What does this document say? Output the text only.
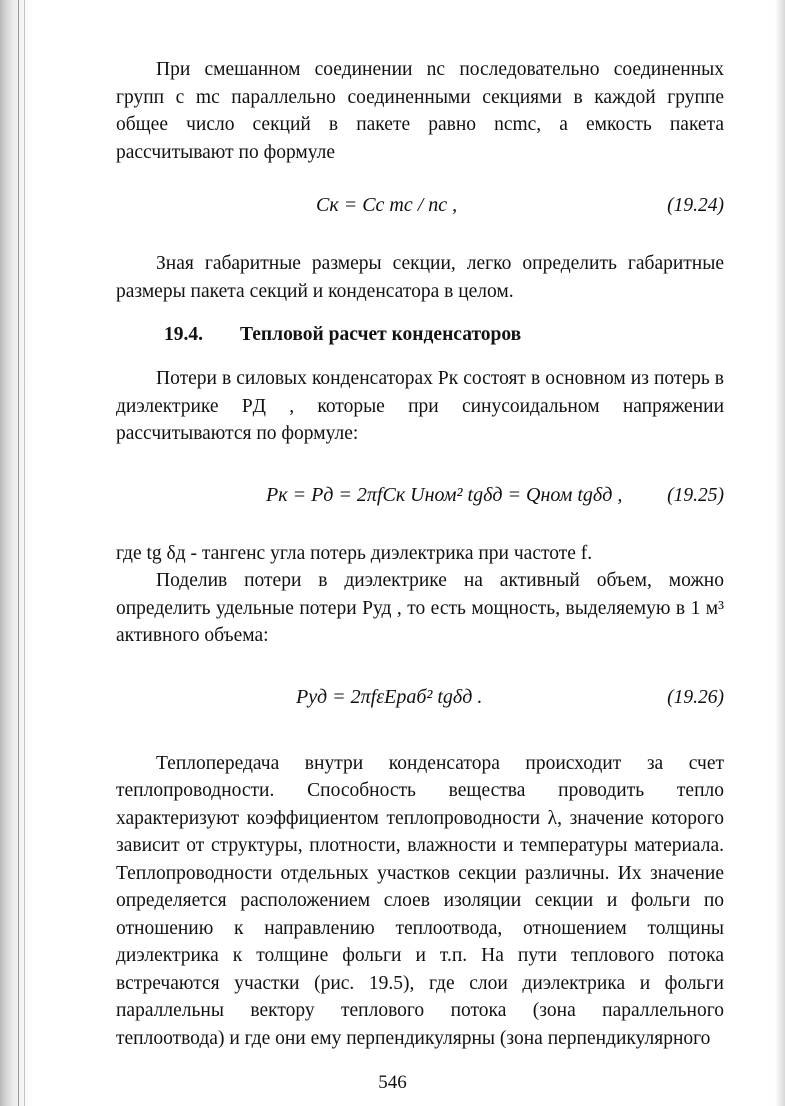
При смешанном соединении nc последовательно соединенных групп с mc параллельно соединенными секциями в каждой группе общее число секций в пакете равно ncmc, а емкость пакета рассчитывают по формуле

Cк = Cc mc / nc ,	(19.24)

Зная габаритные размеры секции, легко определить габаритные размеры пакета секций и конденсатора в целом.

19.4. Тепловой расчет конденсаторов

Потери в силовых конденсаторах Pк состоят в основном из потерь в диэлектрике PД , которые при синусоидальном напряжении рассчитываются по формуле:

Pк = Pд = 2πfCк Uном² tgδд = Qном tgδд , (19.25)

где tg δд - тангенс угла потерь диэлектрика при частоте f.

Поделив потери в диэлектрике на активный объем, можно определить удельные потери Pуд , то есть мощность, выделяемую в 1 м³ активного объема:

Pуд = 2πfεEраб² tgδд .	(19.26)

Теплопередача внутри конденсатора происходит за счет теплопроводности. Способность вещества проводить тепло характеризуют коэффициентом теплопроводности λ, значение которого зависит от структуры, плотности, влажности и температуры материала. Теплопроводности отдельных участков секции различны. Их значение определяется расположением слоев изоляции секции и фольги по отношению к направлению теплоотвода, отношением толщины диэлектрика к толщине фольги и т.п. На пути теплового потока встречаются участки (рис. 19.5), где слои диэлектрика и фольги параллельны вектору теплового потока (зона параллельного теплоотвода) и где они ему перпендикулярны (зона перпендикулярного

546
